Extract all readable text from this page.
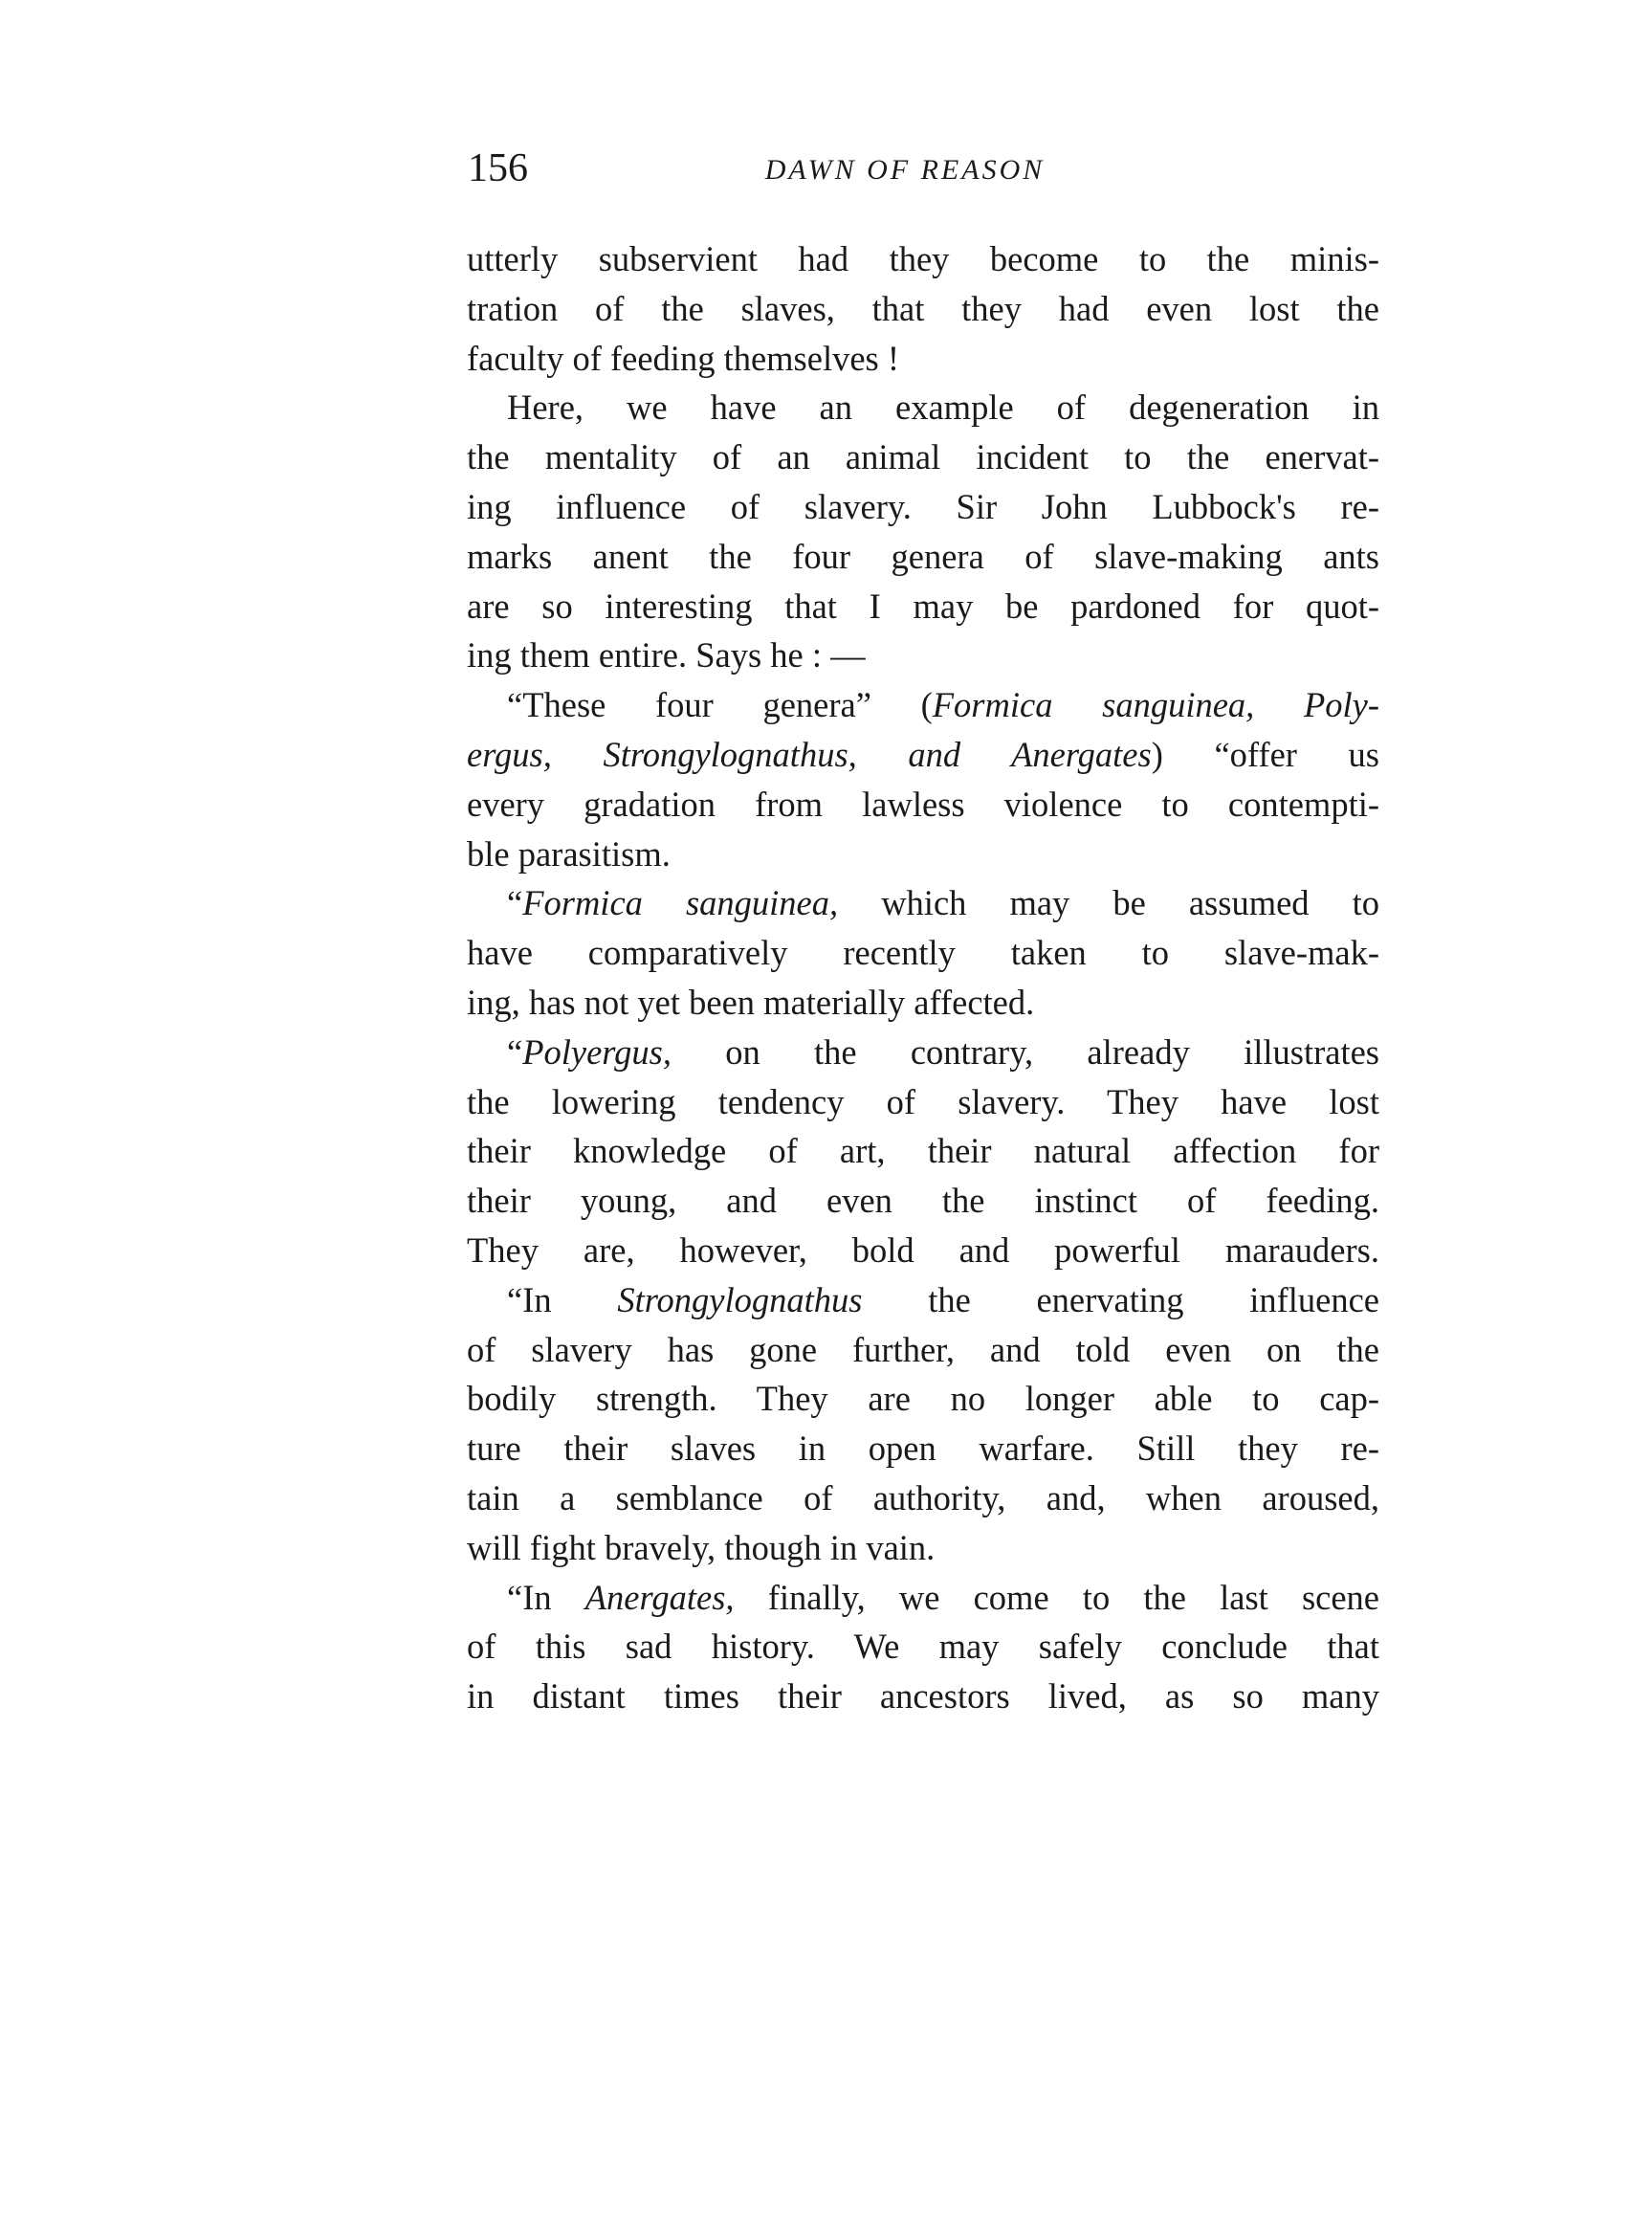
156	DAWN OF REASON
utterly subservient had they become to the minis-
tration of the slaves, that they had even lost the
faculty of feeding themselves !
Here, we have an example of degeneration in
the mentality of an animal incident to the enervat-
ing influence of slavery. Sir John Lubbock's re-
marks anent the four genera of slave-making ants
are so interesting that I may be pardoned for quot-
ing them entire. Says he : —
“These four genera” (Formica sanguinea, Poly-
ergus, Strongylognathus, and Anergates) “offer us
every gradation from lawless violence to contempti-
ble parasitism.
“Formica sanguinea, which may be assumed to
have comparatively recently taken to slave-mak-
ing, has not yet been materially affected.
“Polyergus, on the contrary, already illustrates
the lowering tendency of slavery. They have lost
their knowledge of art, their natural affection for
their young, and even the instinct of feeding.
They are, however, bold and powerful marauders.
“In Strongylognathus the enervating influence
of slavery has gone further, and told even on the
bodily strength. They are no longer able to cap-
ture their slaves in open warfare. Still they re-
tain a semblance of authority, and, when aroused,
will fight bravely, though in vain.
“In Anergates, finally, we come to the last scene
of this sad history. We may safely conclude that
in distant times their ancestors lived, as so many
